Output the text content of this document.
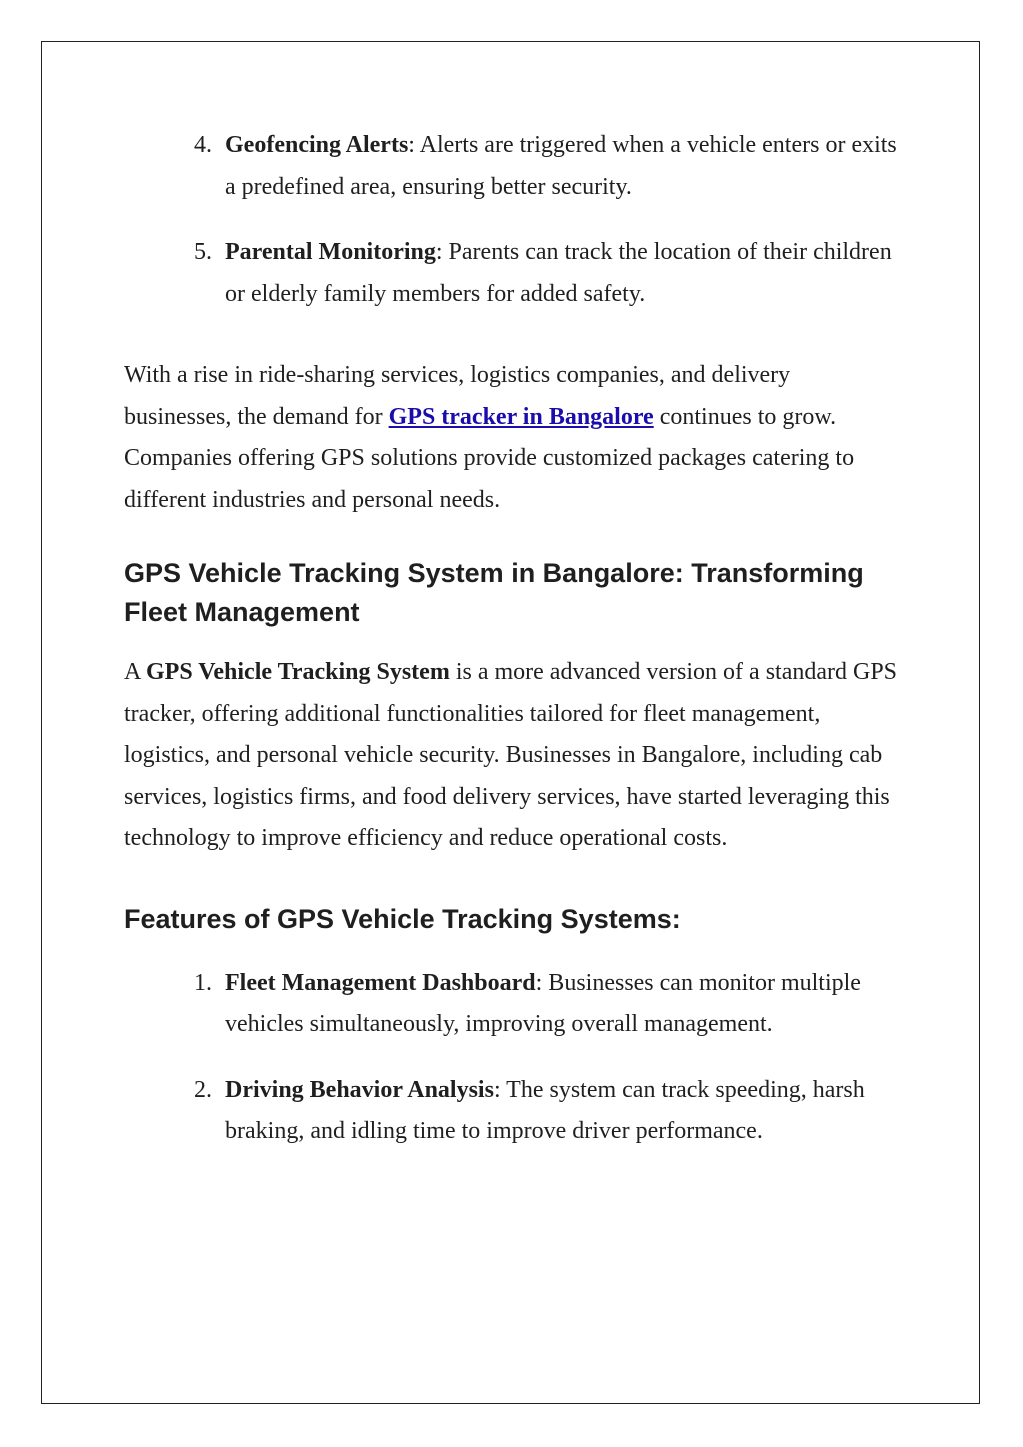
4. Geofencing Alerts: Alerts are triggered when a vehicle enters or exits a predefined area, ensuring better security.
5. Parental Monitoring: Parents can track the location of their children or elderly family members for added safety.

With a rise in ride-sharing services, logistics companies, and delivery businesses, the demand for GPS tracker in Bangalore continues to grow. Companies offering GPS solutions provide customized packages catering to different industries and personal needs.

GPS Vehicle Tracking System in Bangalore: Transforming Fleet Management

A GPS Vehicle Tracking System is a more advanced version of a standard GPS tracker, offering additional functionalities tailored for fleet management, logistics, and personal vehicle security. Businesses in Bangalore, including cab services, logistics firms, and food delivery services, have started leveraging this technology to improve efficiency and reduce operational costs.

Features of GPS Vehicle Tracking Systems:
1. Fleet Management Dashboard: Businesses can monitor multiple vehicles simultaneously, improving overall management.
2. Driving Behavior Analysis: The system can track speeding, harsh braking, and idling time to improve driver performance.
